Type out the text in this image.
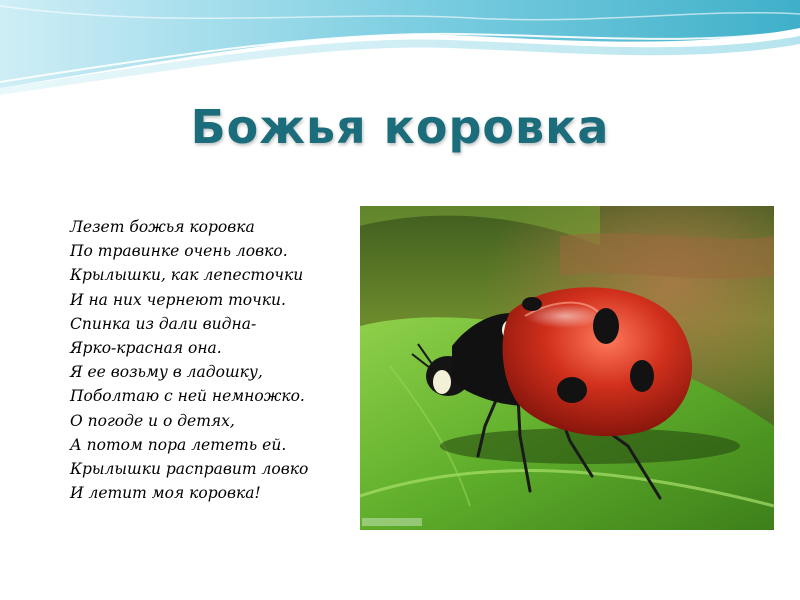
Божья коровка
Лезет божья коровка
По травинке очень ловко.
Крылышки, как лепесточки
И на них чернеют точки.
Спинка из дали видна-
Ярко-красная она.
Я ее возьму в ладошку,
Поболтаю с ней немножко.
О погоде и о детях,
А потом пора лететь ей.
Крылышки расправит ловко
И летит моя коровка!
